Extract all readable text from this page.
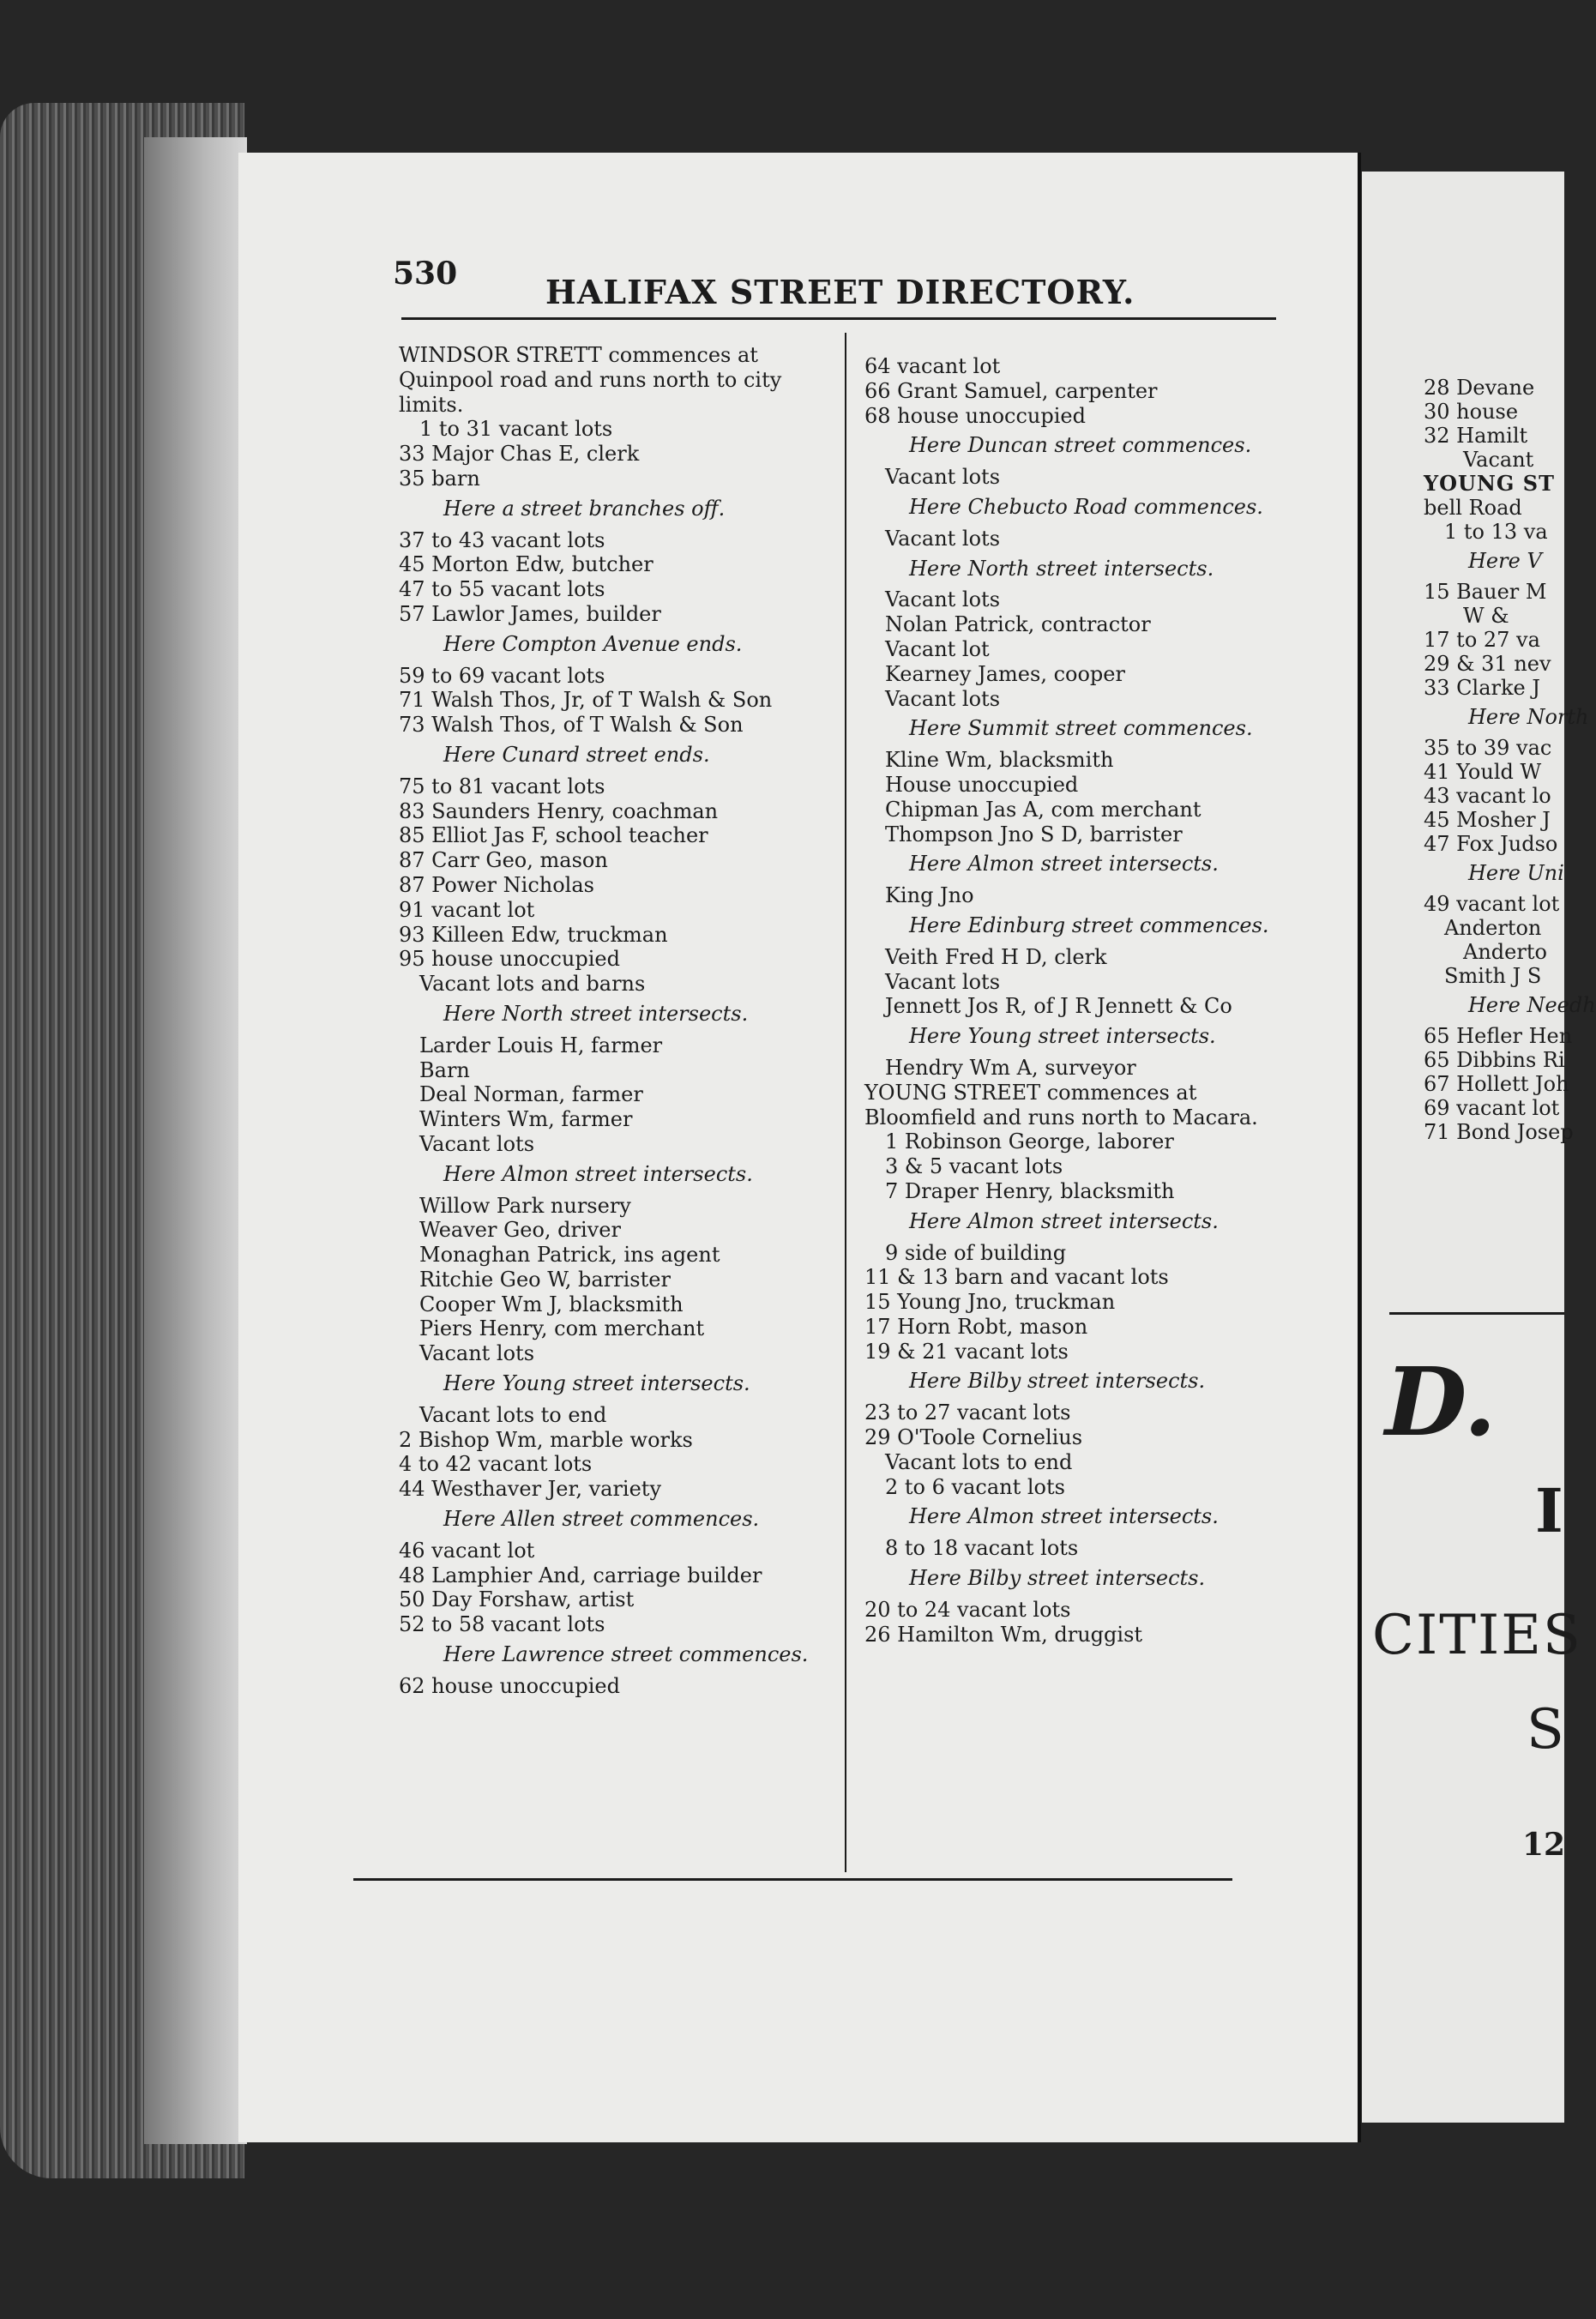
530	HALIFAX STREET DIRECTORY.
WINDSOR STRETT commences at Quinpool road and runs north to city limits.
1 to 31 vacant lots
33 Major Chas E, clerk
35 barn
Here a street branches off.
37 to 43 vacant lots
45 Morton Edw, butcher
47 to 55 vacant lots
57 Lawlor James, builder
Here Compton Avenue ends.
59 to 69 vacant lots
71 Walsh Thos, Jr, of T Walsh & Son
73 Walsh Thos, of T Walsh & Son
Here Cunard street ends.
75 to 81 vacant lots
83 Saunders Henry, coachman
85 Elliot Jas F, school teacher
87 Carr Geo, mason
87 Power Nicholas
91 vacant lot
93 Killeen Edw, truckman
95 house unoccupied
Vacant lots and barns
Here North street intersects.
Larder Louis H, farmer
Barn
Deal Norman, farmer
Winters Wm, farmer
Vacant lots
Here Almon street intersects.
Willow Park nursery
Weaver Geo, driver
Monaghan Patrick, ins agent
Ritchie Geo W, barrister
Cooper Wm J, blacksmith
Piers Henry, com merchant
Vacant lots
Here Young street intersects.
Vacant lots to end
2 Bishop Wm, marble works
4 to 42 vacant lots
44 Westhaver Jer, variety
Here Allen street commences.
46 vacant lot
48 Lamphier And, carriage builder
50 Day Forshaw, artist
52 to 58 vacant lots
Here Lawrence street commences.
62 house unoccupied
64 vacant lot
66 Grant Samuel, carpenter
68 house unoccupied
Here Duncan street commences.
Vacant lots
Here Chebucto Road commences.
Vacant lots
Here North street intersects.
Vacant lots
Nolan Patrick, contractor
Vacant lot
Kearney James, cooper
Vacant lots
Here Summit street commences.
Kline Wm, blacksmith
House unoccupied
Chipman Jas A, com merchant
Thompson Jno S D, barrister
Here Almon street intersects.
King Jno
Here Edinburg street commences.
Veith Fred H D, clerk
Vacant lots
Jennett Jos R, of J R Jennett & Co
Here Young street intersects.
Hendry Wm A, surveyor
YOUNG STREET commences at Bloomfield and runs north to Macara.
1 Robinson George, laborer
3 & 5 vacant lots
7 Draper Henry, blacksmith
Here Almon street intersects.
9 side of building
11 & 13 barn and vacant lots
15 Young Jno, truckman
17 Horn Robt, mason
19 & 21 vacant lots
Here Bilby street intersects.
23 to 27 vacant lots
29 O'Toole Cornelius
Vacant lots to end
2 to 6 vacant lots
Here Almon street intersects.
8 to 18 vacant lots
Here Bilby street intersects.
20 to 24 vacant lots
26 Hamilton Wm, druggist
28 Devane
30 house
32 Hamilt
Vacant
YOUNG ST
bell Road
1 to 13 va
Here V
15 Bauer M
W &
17 to 27 va
29 & 31 nev
33 Clarke J
Here North
35 to 39 vac
41 Yould W
43 vacant lo
45 Mosher J
47 Fox Judso
Here Uni
49 vacant lot
Anderton
Anderto
Smith J S
Here Needh
65 Hefler Hen
65 Dibbins Ri
67 Hollett Joh
69 vacant lot
71 Bond Josep
D.
I
CITIES
S
12
